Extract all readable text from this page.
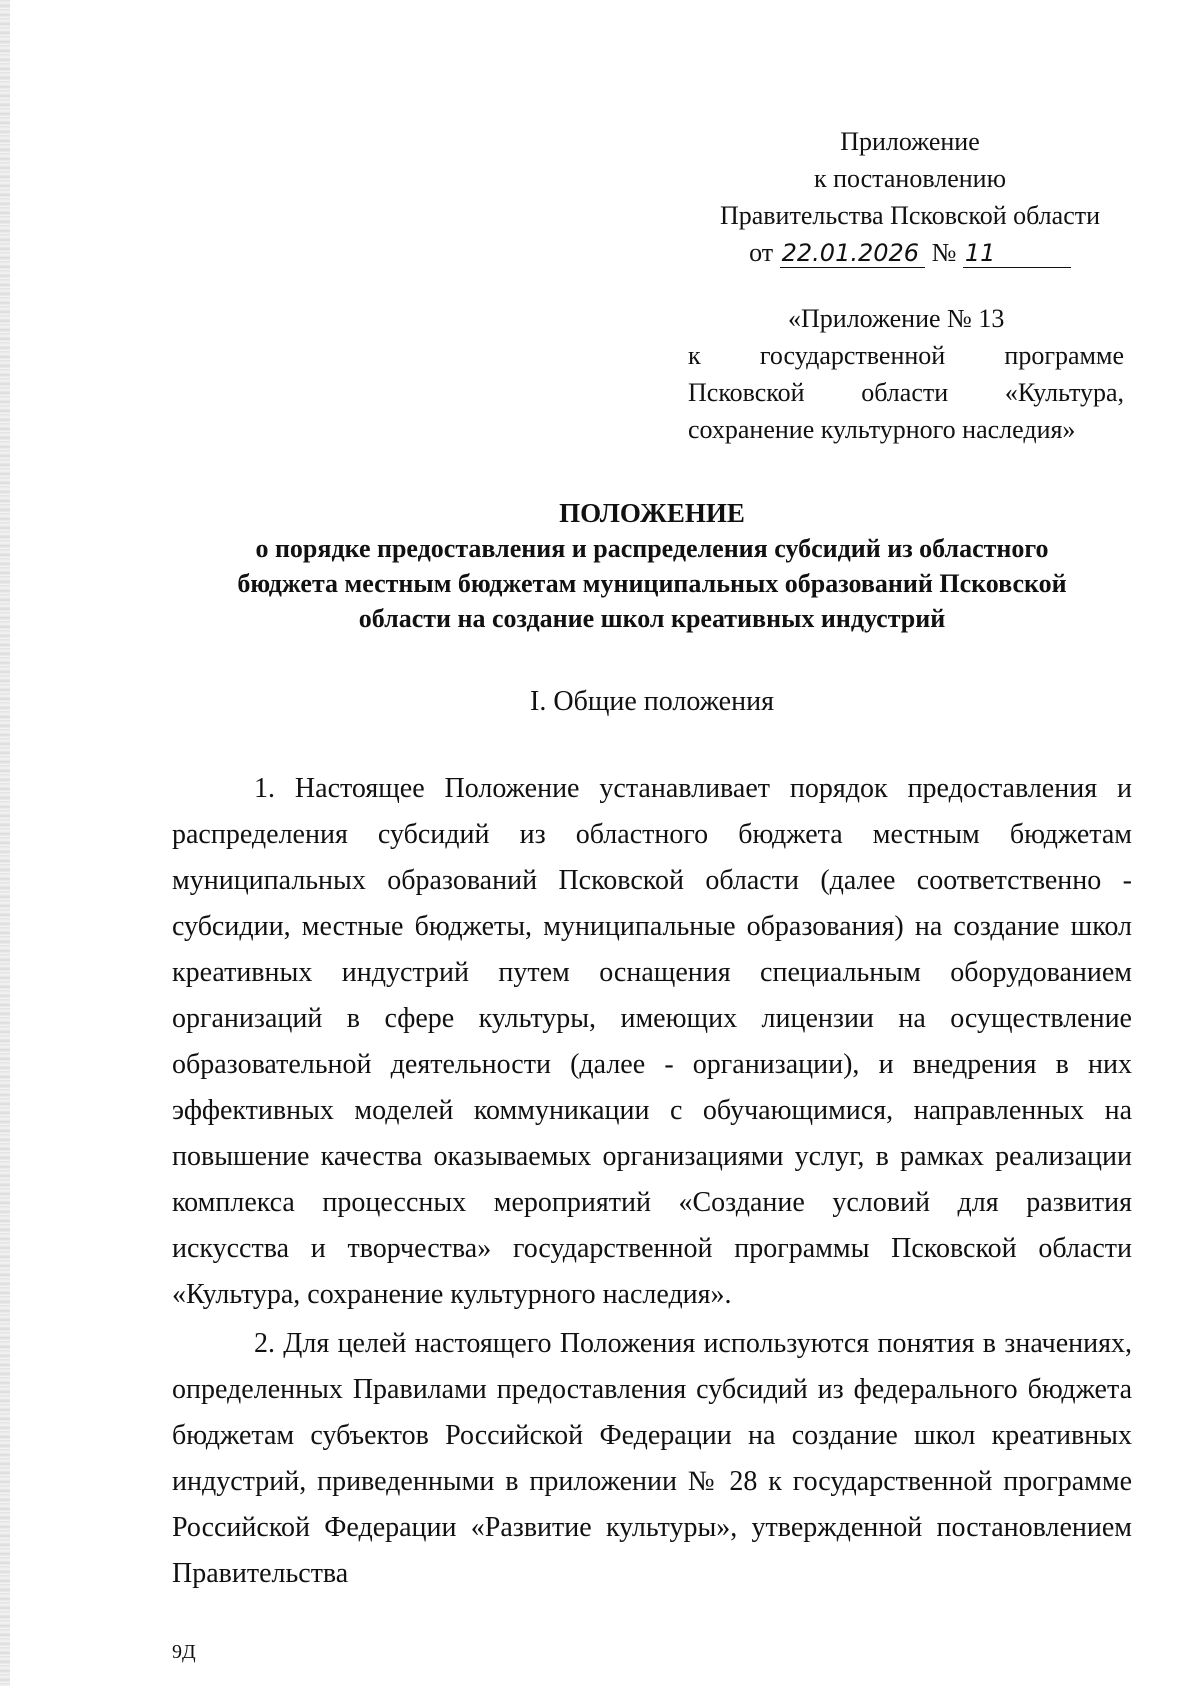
Приложение
к постановлению
Правительства Псковской области
от 22.01.2026 № 11
«Приложение № 13
к государственной программе
Псковской области «Культура,
сохранение культурного наследия»
ПОЛОЖЕНИЕ
о порядке предоставления и распределения субсидий из областного
бюджета местным бюджетам муниципальных образований Псковской
области на создание школ креативных индустрий
I. Общие положения

1. Настоящее Положение устанавливает порядок предоставления и распределения субсидий из областного бюджета местным бюджетам муниципальных образований Псковской области (далее соответственно - субсидии, местные бюджеты, муниципальные образования) на создание школ креативных индустрий путем оснащения специальным оборудованием организаций в сфере культуры, имеющих лицензии на осуществление образовательной деятельности (далее - организации), и внедрения в них эффективных моделей коммуникации с обучающимися, направленных на повышение качества оказываемых организациями услуг, в рамках реализации комплекса процессных мероприятий «Создание условий для развития искусства и творчества» государственной программы Псковской области «Культура, сохранение культурного наследия».

2. Для целей настоящего Положения используются понятия в значениях, определенных Правилами предоставления субсидий из федерального бюджета бюджетам субъектов Российской Федерации на создание школ креативных индустрий, приведенными в приложении № 28 к государственной программе Российской Федерации «Развитие культуры», утвержденной постановлением Правительства

9Д
